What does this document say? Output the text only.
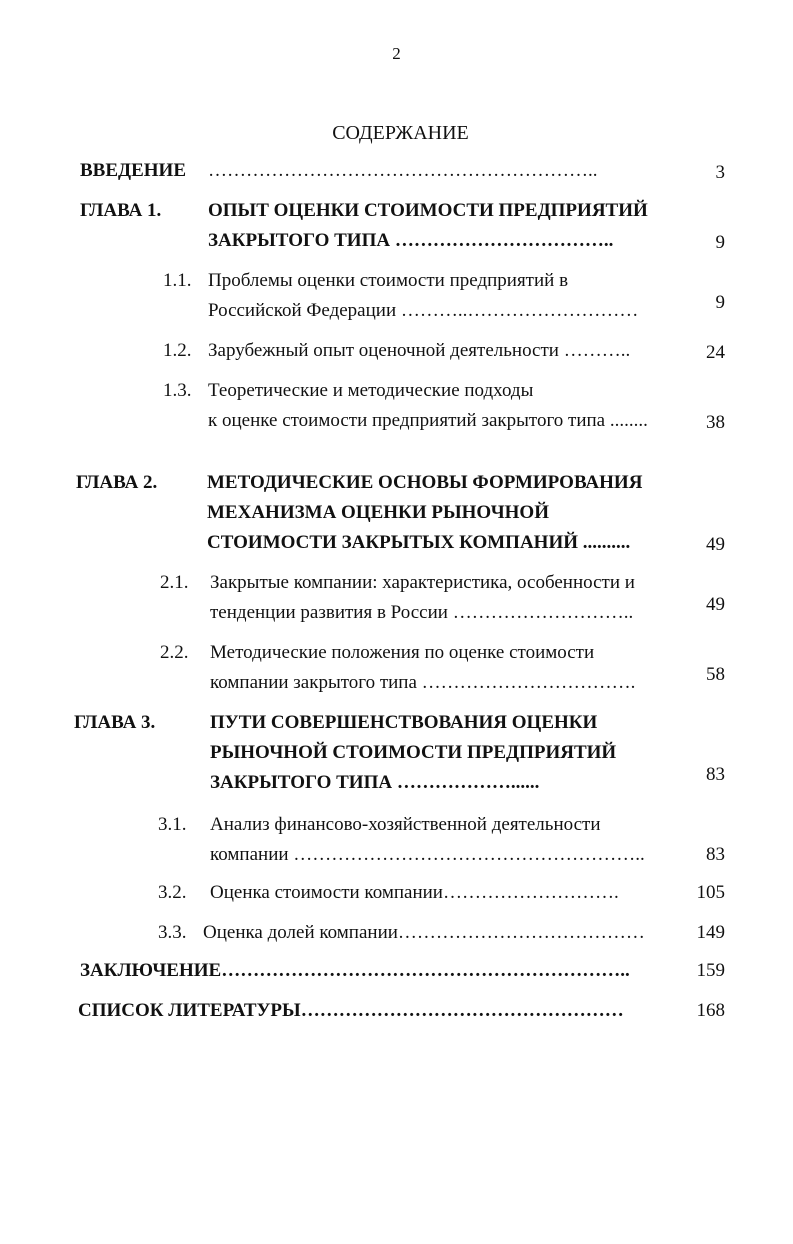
2
СОДЕРЖАНИЕ
ВВЕДЕНИЕ ……………………………………………………..	3
ГЛАВА 1. ОПЫТ ОЦЕНКИ СТОИМОСТИ ПРЕДПРИЯТИЙ
ЗАКРЫТОГО ТИПА ……………………………..	9
1.1. Проблемы оценки стоимости предприятий в
Российской Федерации ………..………………………	9
1.2. Зарубежный опыт оценочной деятельности ………..	24
1.3. Теоретические и методические подходы
к оценке стоимости предприятий закрытого типа ........	38
ГЛАВА 2.	МЕТОДИЧЕСКИЕ ОСНОВЫ ФОРМИРОВАНИЯ
МЕХАНИЗМА ОЦЕНКИ РЫНОЧНОЙ
СТОИМОСТИ ЗАКРЫТЫХ КОМПАНИЙ ..........	49
2.1. Закрытые компании: характеристика, особенности и
тенденции развития в России ………………………..	49
2.2. Методические положения по оценке стоимости
компании закрытого типа …………………………….	58
ГЛАВА 3.	ПУТИ СОВЕРШЕНСТВОВАНИЯ ОЦЕНКИ
РЫНОЧНОЙ СТОИМОСТИ ПРЕДПРИЯТИЙ
ЗАКРЫТОГО ТИПА ………………......	83
3.1. Анализ финансово-хозяйственной деятельности
компании ………………………………………………..	83
3.2. Оценка стоимости компании……………………….	105
3.3. Оценка долей компании…………………………………	149
ЗАКЛЮЧЕНИЕ………………………………………………………..	159
СПИСОК ЛИТЕРАТУРЫ……………………………………………	168
